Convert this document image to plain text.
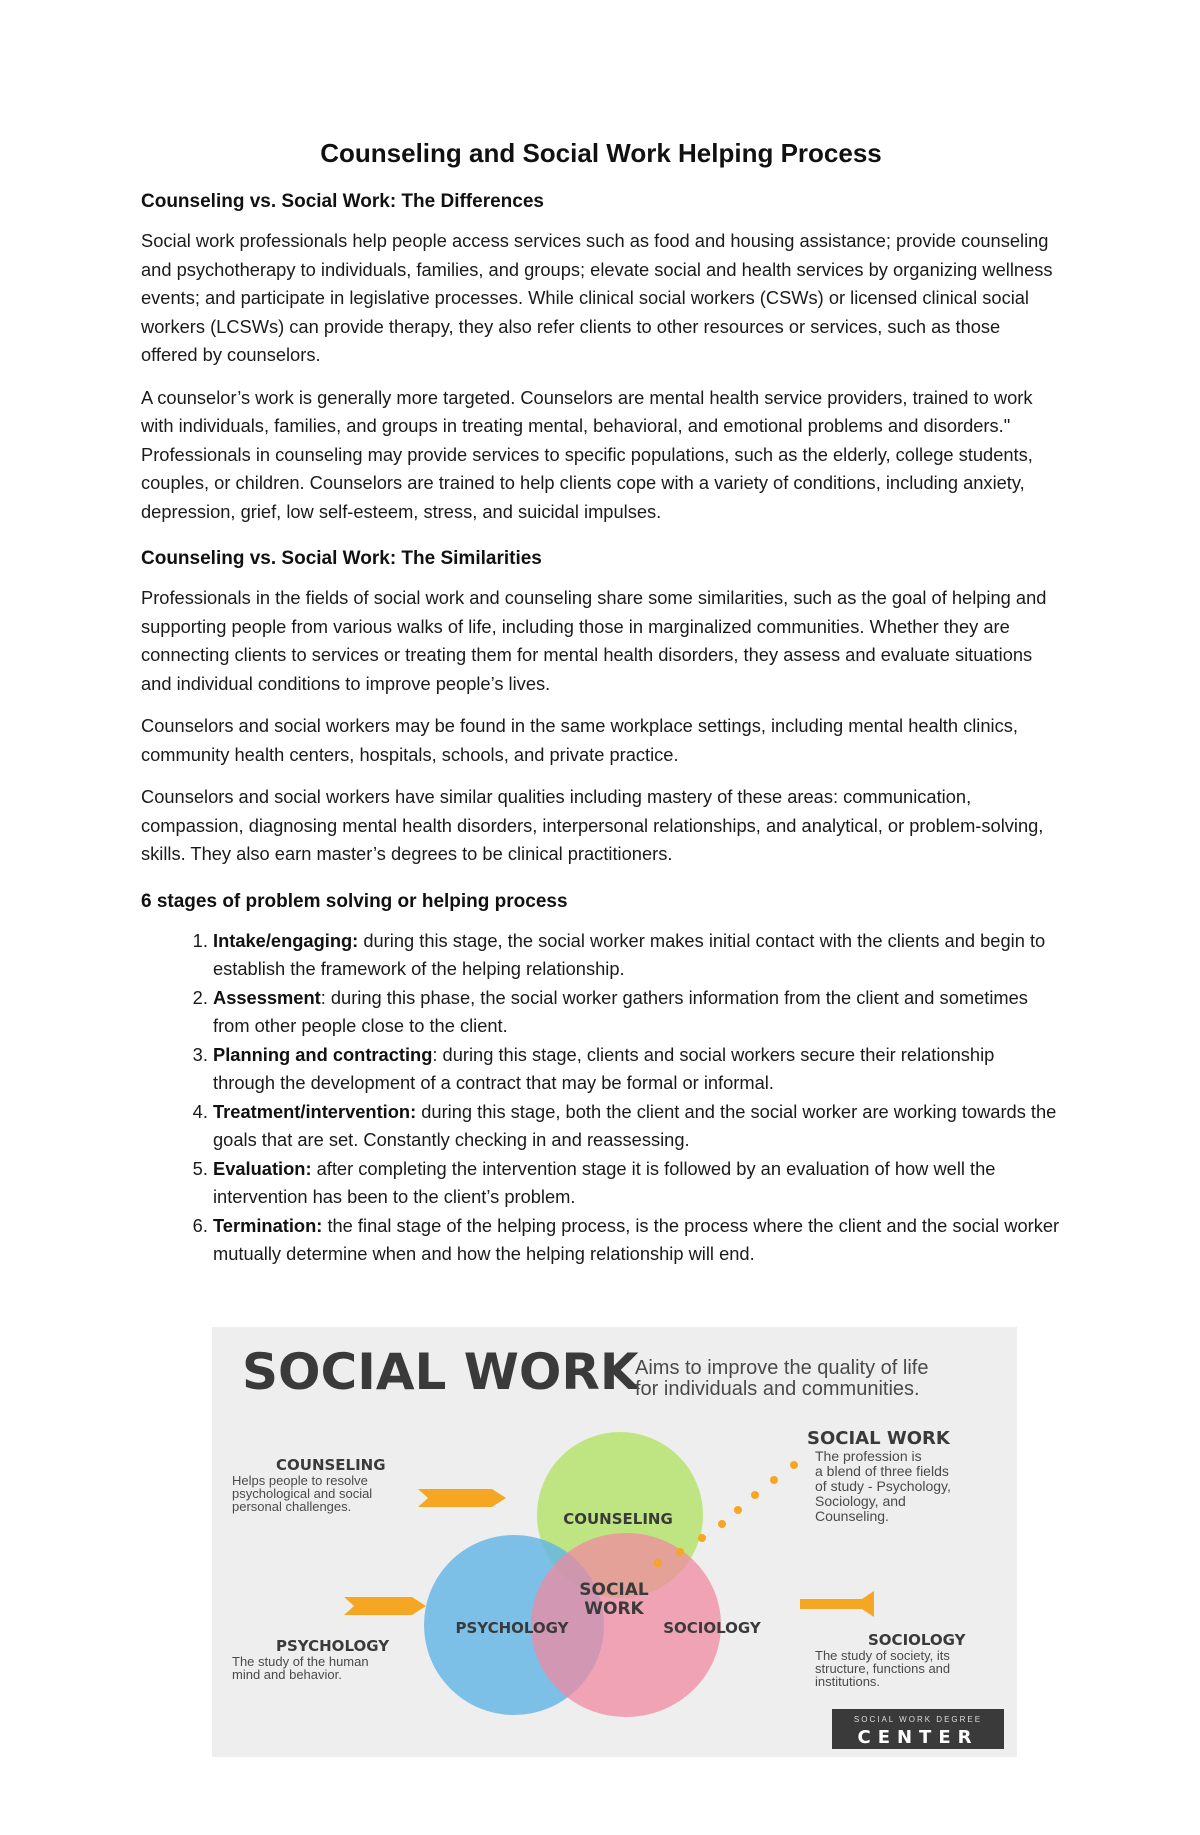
Counseling and Social Work Helping Process
Counseling vs. Social Work: The Differences

Social work professionals help people access services such as food and housing assistance; provide counseling and psychotherapy to individuals, families, and groups; elevate social and health services by organizing wellness events; and participate in legislative processes. While clinical social workers (CSWs) or licensed clinical social workers (LCSWs) can provide therapy, they also refer clients to other resources or services, such as those offered by counselors.

A counselor’s work is generally more targeted. Counselors are mental health service providers, trained to work with individuals, families, and groups in treating mental, behavioral, and emotional problems and disorders." Professionals in counseling may provide services to specific populations, such as the elderly, college students, couples, or children. Counselors are trained to help clients cope with a variety of conditions, including anxiety, depression, grief, low self-esteem, stress, and suicidal impulses.

Counseling vs. Social Work: The Similarities

Professionals in the fields of social work and counseling share some similarities, such as the goal of helping and supporting people from various walks of life, including those in marginalized communities. Whether they are connecting clients to services or treating them for mental health disorders, they assess and evaluate situations and individual conditions to improve people’s lives.

Counselors and social workers may be found in the same workplace settings, including mental health clinics, community health centers, hospitals, schools, and private practice.

Counselors and social workers have similar qualities including mastery of these areas: communication, compassion, diagnosing mental health disorders, interpersonal relationships, and analytical, or problem-solving, skills. They also earn master’s degrees to be clinical practitioners.

6 stages of problem solving or helping process
1. Intake/engaging: during this stage, the social worker makes initial contact with the clients and begin to establish the framework of the helping relationship.
2. Assessment: during this phase, the social worker gathers information from the client and sometimes from other people close to the client.
3. Planning and contracting: during this stage, clients and social workers secure their relationship through the development of a contract that may be formal or informal.
4. Treatment/intervention: during this stage, both the client and the social worker are working towards the goals that are set. Constantly checking in and reassessing.
5. Evaluation: after completing the intervention stage it is followed by an evaluation of how well the intervention has been to the client’s problem.
6. Termination: the final stage of the helping process, is the process where the client and the social worker mutually determine when and how the helping relationship will end.
SOCIAL WORK
Aims to improve the quality of life
for individuals and communities.
COUNSELING
PSYCHOLOGY	SOCIOLOGY
SOCIAL
WORK
COUNSELING
Helps people to resolve
psychological and social
personal challenges.
PSYCHOLOGY
The study of the human
mind and behavior.
SOCIAL WORK
The profession is
a blend of three fields
of study - Psychology,
Sociology, and
Counseling.
SOCIOLOGY
The study of society, its
structure, functions and
institutions.
SOCIAL WORK DEGREE
CENTER
